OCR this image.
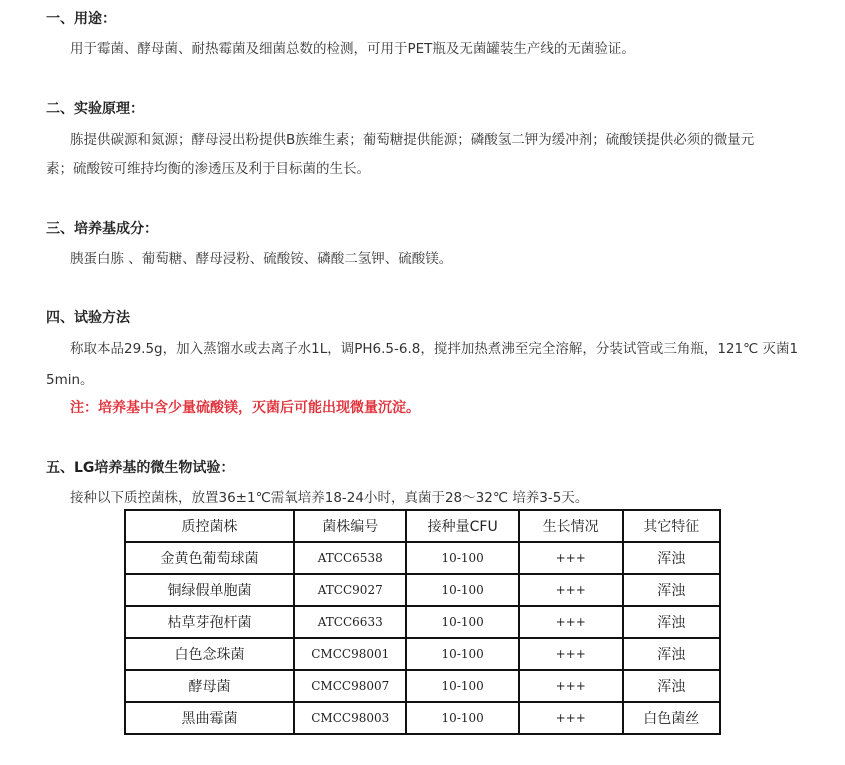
一、用途：
用于霉菌、酵母菌、耐热霉菌及细菌总数的检测，可用于PET瓶及无菌罐装生产线的无菌验证。
二、实验原理：
胨提供碳源和氮源；酵母浸出粉提供B族维生素；葡萄糖提供能源；磷酸氢二钾为缓冲剂；硫酸镁提供必须的微量元
素；硫酸铵可维持均衡的渗透压及利于目标菌的生长。
三、培养基成分：
胰蛋白胨 、葡萄糖、酵母浸粉、硫酸铵、磷酸二氢钾、硫酸镁。
四、试验方法
称取本品29.5g，加入蒸馏水或去离子水1L，调PH6.5-6.8，搅拌加热煮沸至完全溶解，分装试管或三角瓶，121℃ 灭菌1
5min。
注：培养基中含少量硫酸镁，灭菌后可能出现微量沉淀。
五、LG培养基的微生物试验：
接种以下质控菌株，放置36±1℃需氧培养18-24小时，真菌于28～32℃ 培养3-5天。
质控菌株	菌株编号	接种量CFU	生长情况	其它特征
金黄色葡萄球菌	ATCC6538	10-100	+++	浑浊
铜绿假单胞菌	ATCC9027	10-100	+++	浑浊
枯草芽孢杆菌	ATCC6633	10-100	+++	浑浊
白色念珠菌	CMCC98001	10-100	+++	浑浊
酵母菌	CMCC98007	10-100	+++	浑浊
黑曲霉菌	CMCC98003	10-100	+++	白色菌丝
